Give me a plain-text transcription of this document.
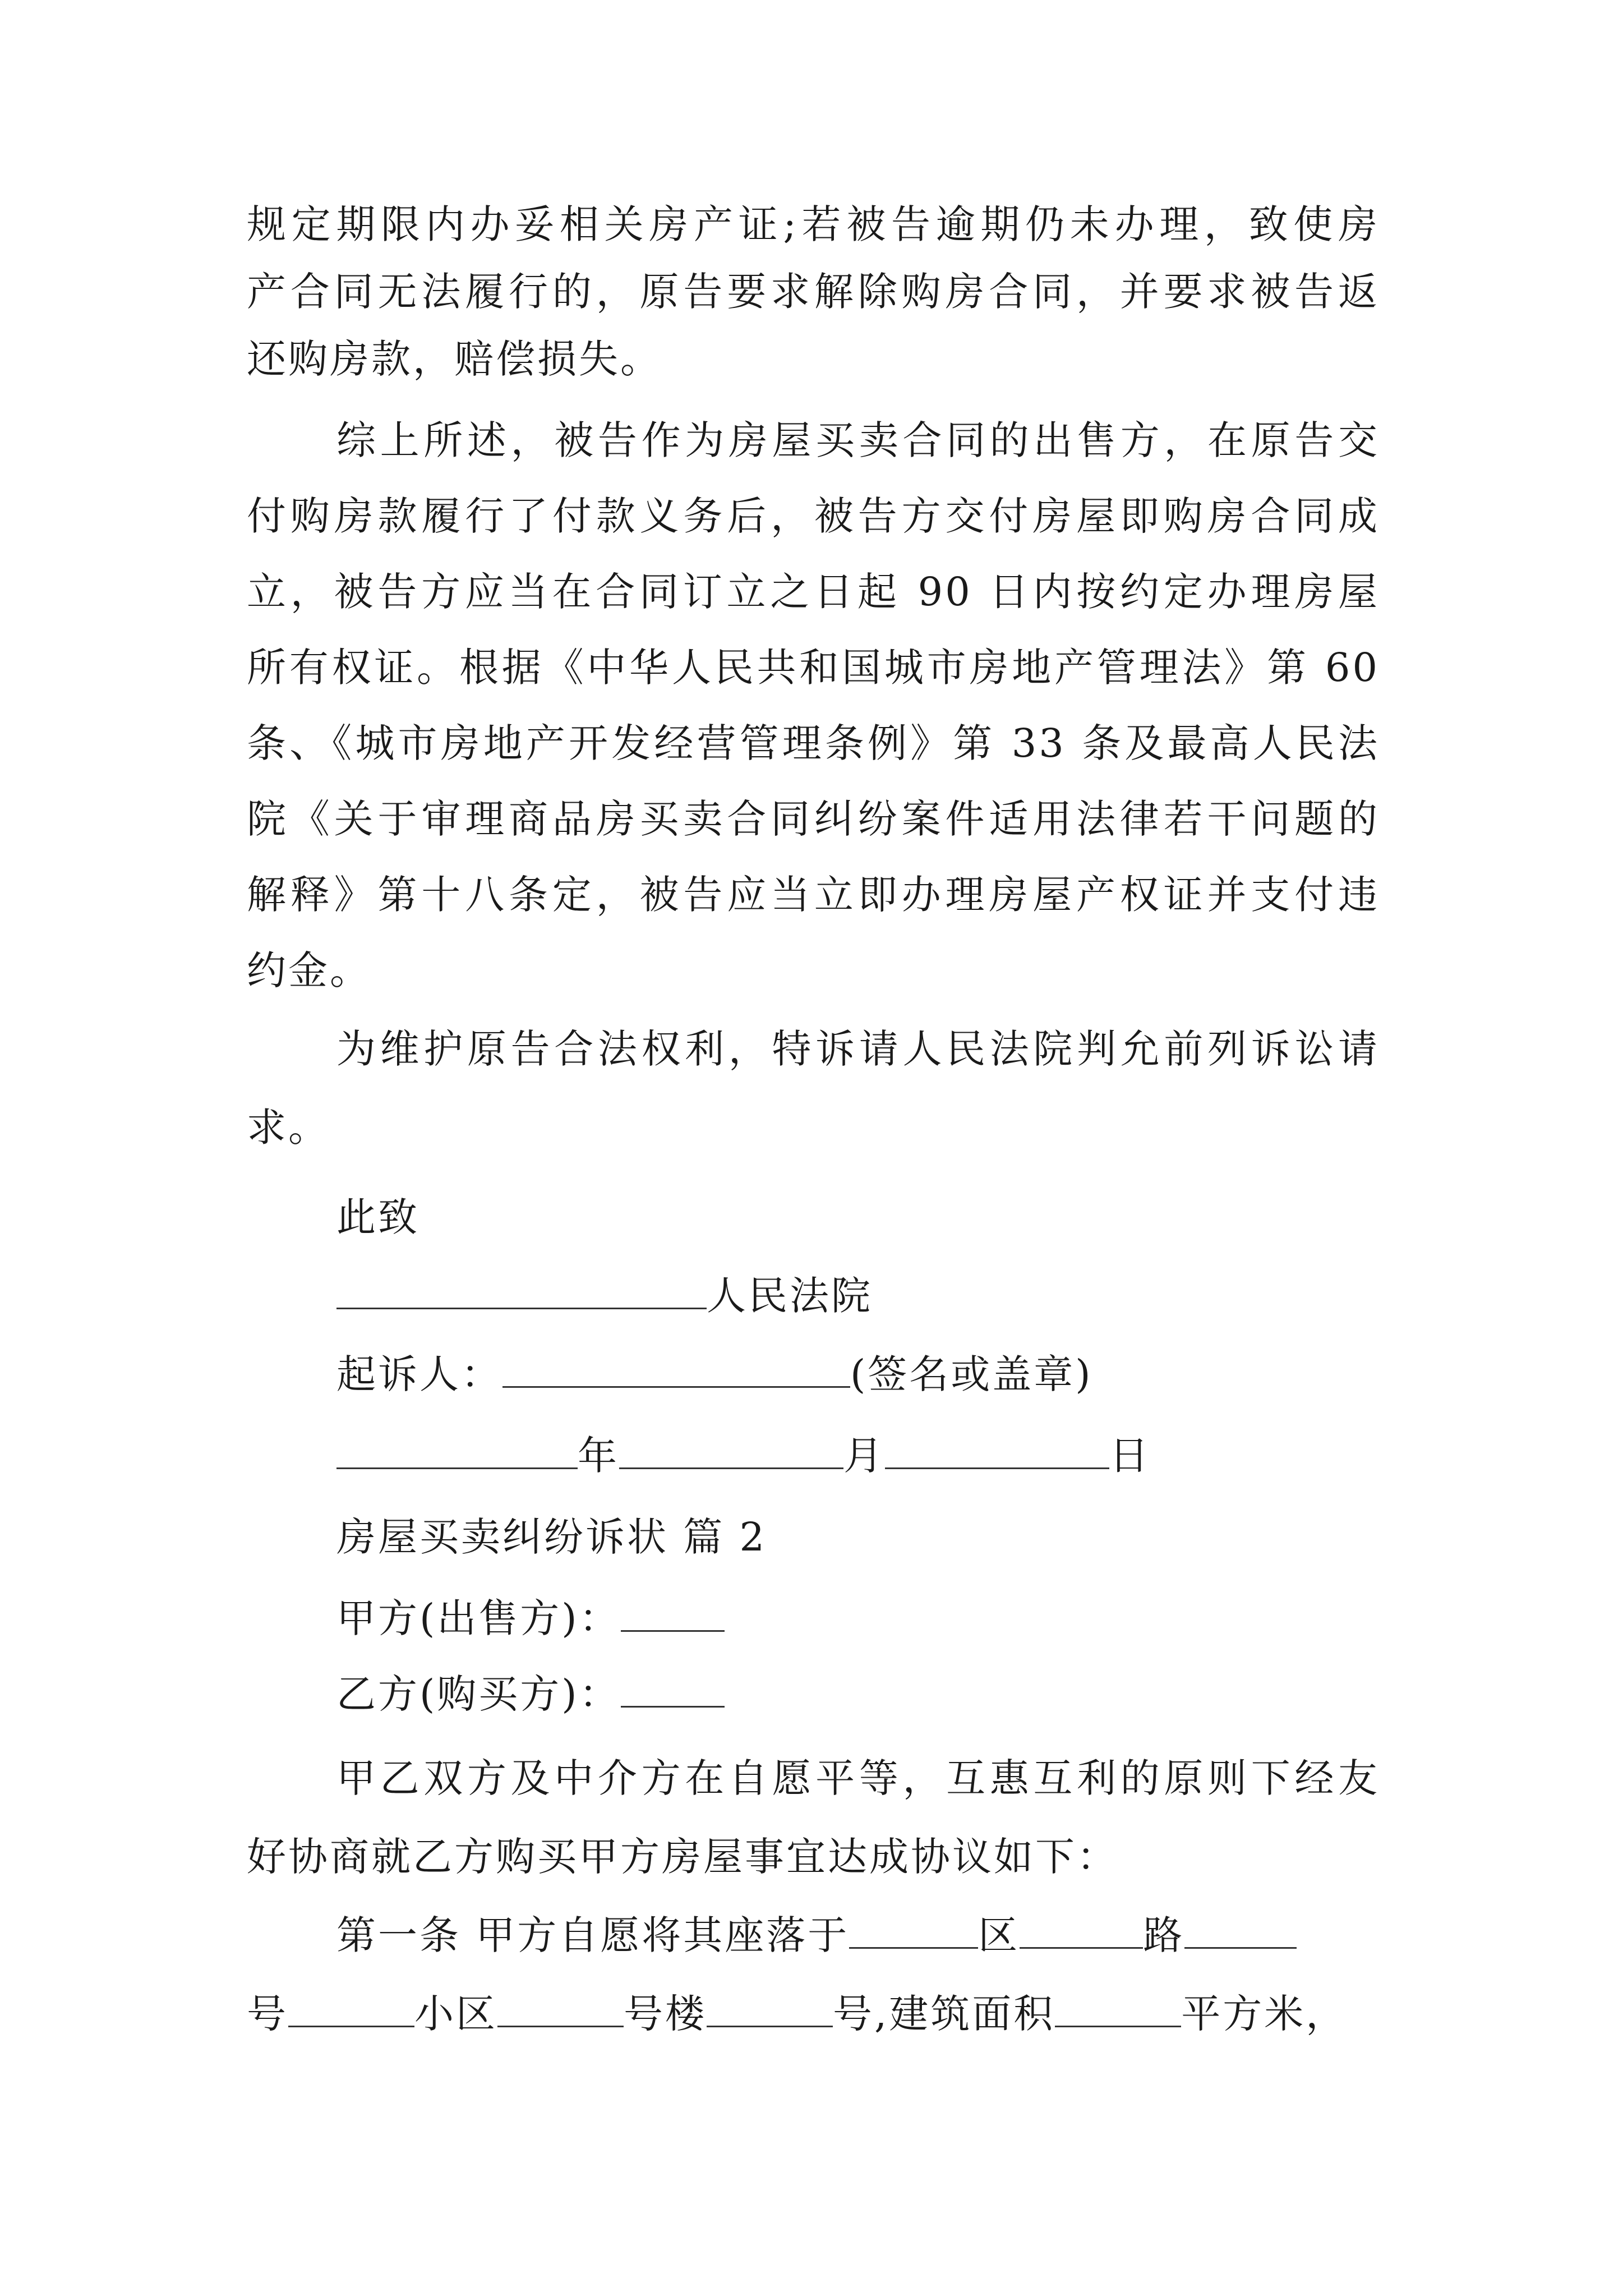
规定期限内办妥相关房产证;若被告逾期仍未办理，致使房
产合同无法履行的，原告要求解除购房合同，并要求被告返
还购房款，赔偿损失。
综上所述，被告作为房屋买卖合同的出售方，在原告交
付购房款履行了付款义务后，被告方交付房屋即购房合同成
立，被告方应当在合同订立之日起 90 日内按约定办理房屋
所有权证。根据《中华人民共和国城市房地产管理法》第 60
条、《城市房地产开发经营管理条例》第 33 条及最高人民法
院《关于审理商品房买卖合同纠纷案件适用法律若干问题的
解释》第十八条定，被告应当立即办理房屋产权证并支付违
约金。
为维护原告合法权利，特诉请人民法院判允前列诉讼请
求。
此致
人民法院
起诉人：	(签名或盖章)
年	月	日
房屋买卖纠纷诉状 篇 2
甲方(出售方)：
乙方(购买方)：
甲乙双方及中介方在自愿平等，互惠互利的原则下经友
好协商就乙方购买甲方房屋事宜达成协议如下：
第一条 甲方自愿将其座落于	区	路
号	小区	号楼	号,建筑面积	平方米，
